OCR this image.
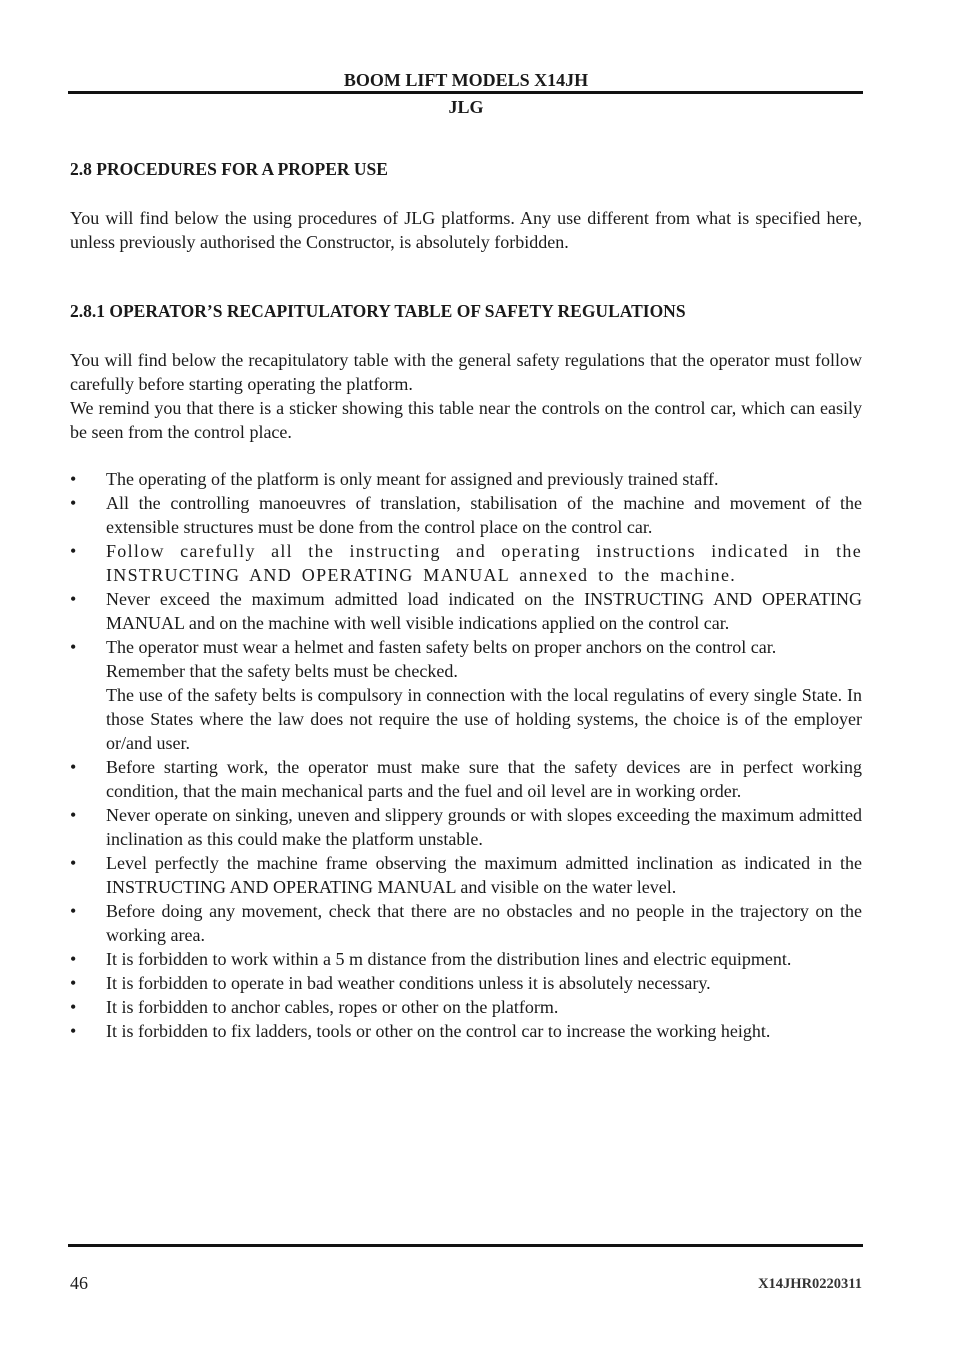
BOOM LIFT MODELS X14JH
JLG
2.8 PROCEDURES FOR A PROPER USE

You will find below the using procedures of JLG platforms. Any use different from what is specified here, unless previously authorised the Constructor, is absolutely forbidden.

2.8.1 OPERATOR’S RECAPITULATORY TABLE OF SAFETY REGULATIONS

You will find below the recapitulatory table with the general safety regulations that the operator must follow carefully before starting operating the platform.

We remind you that there is a sticker showing this table near the controls on the control car, which can easily be seen from the control place.

• The operating of the platform is only meant for assigned and previously trained staff.
• All the controlling manoeuvres of translation, stabilisation of the machine and movement of the extensible structures must be done from the control place on the control car.
• Follow carefully all the instructing and operating instructions indicated in the INSTRUCTING AND OPERATING MANUAL annexed to the machine.
• Never exceed the maximum admitted load indicated on the INSTRUCTING AND OPERATING MANUAL and on the machine with well visible indications applied on the control car.
• The operator must wear a helmet and fasten safety belts on proper anchors on the control car.
Remember that the safety belts must be checked.
The use of the safety belts is compulsory in connection with the local regulatins of every single State. In those States where the law does not require the use of holding systems, the choice is of the employer or/and user.
• Before starting work, the operator must make sure that the safety devices are in perfect working condition, that the main mechanical parts and the fuel and oil level are in working order.
• Never operate on sinking, uneven and slippery grounds or with slopes exceeding the maximum admitted inclination as this could make the platform unstable.
• Level perfectly the machine frame observing the maximum admitted inclination as indicated in the INSTRUCTING AND OPERATING MANUAL and visible on the water level.
• Before doing any movement, check that there are no obstacles and no people in the trajectory on the working area.
• It is forbidden to work within a 5 m distance from the distribution lines and electric equipment.
• It is forbidden to operate in bad weather conditions unless it is absolutely necessary.
• It is forbidden to anchor cables, ropes or other on the platform.
• It is forbidden to fix ladders, tools or other on the control car to increase the working height.
46	X14JHR0220311
